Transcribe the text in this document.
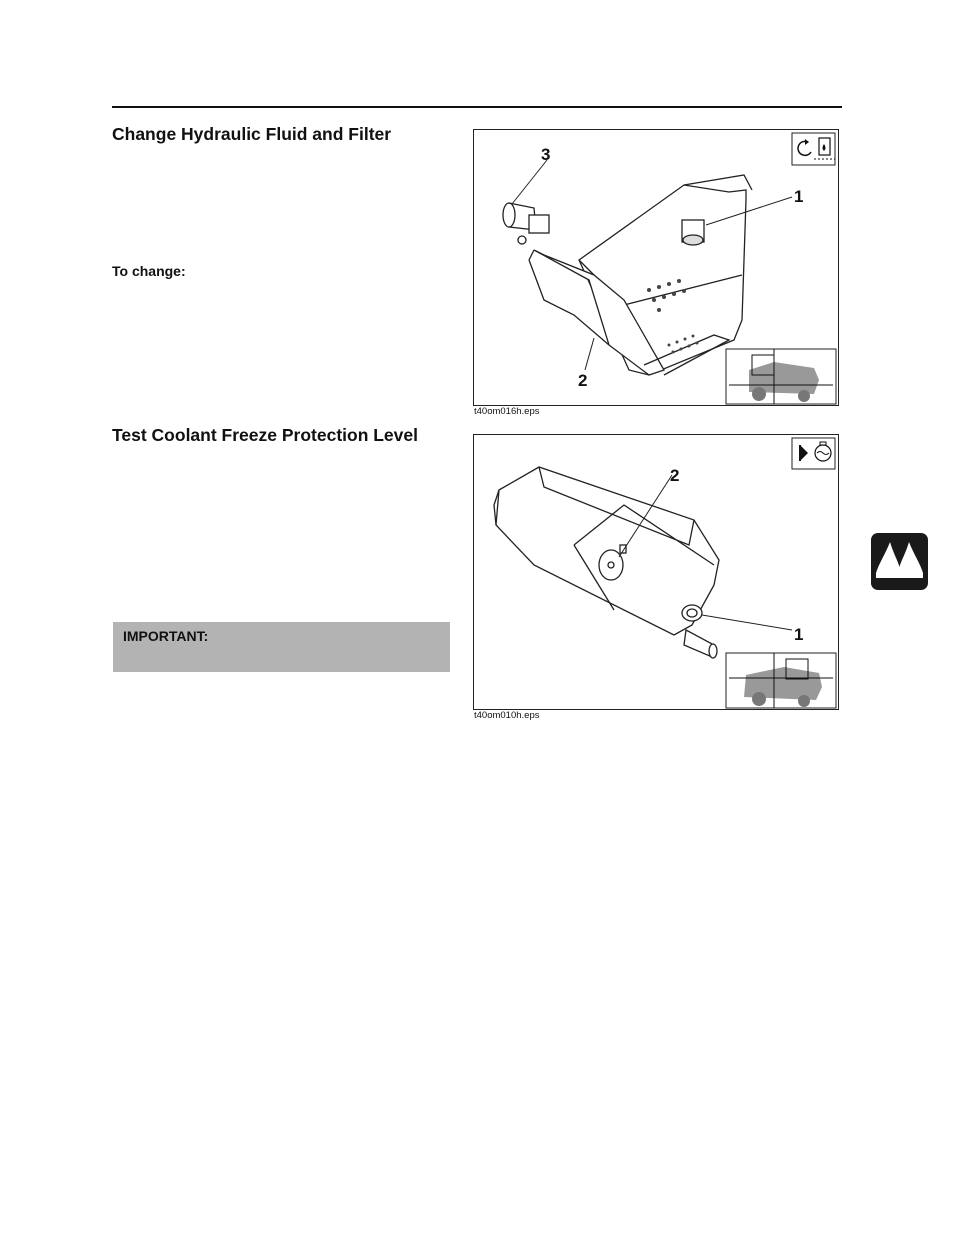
Change Hydraulic Fluid and Filter

To change:

Test Coolant Freeze Protection Level
IMPORTANT:
3
1
2
t40om016h.eps
2
1
t40om010h.eps
